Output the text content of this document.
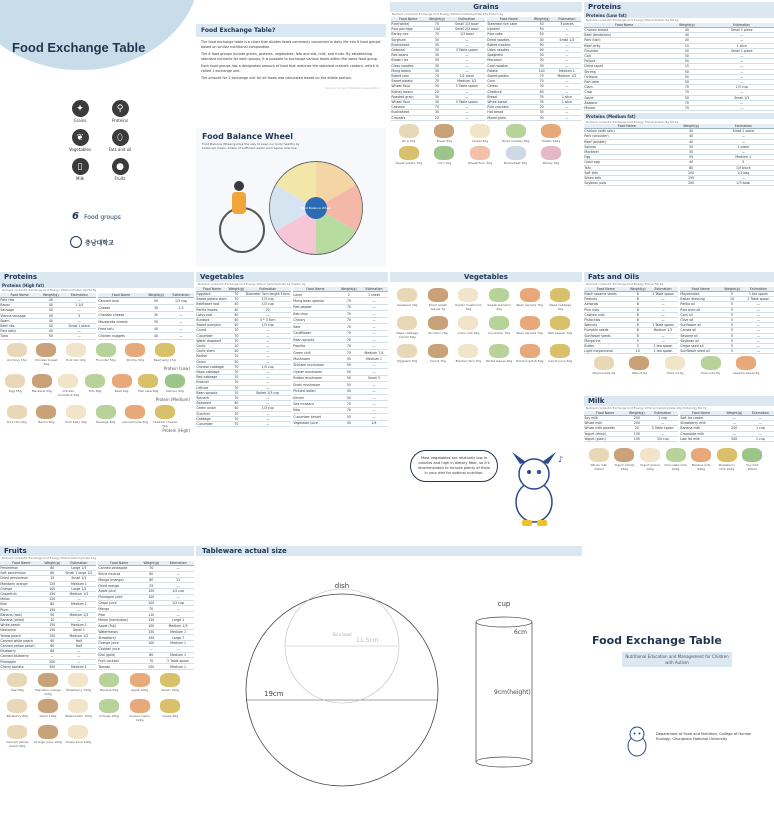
Food Exchange Table
✦
Grains
⚲
Proteins
❦
Vegetables
⬯
Fats and oil
▯
Milk
●
Fruits
6 Food groups
충남대학교
Food Exchange Table?
The food exchange table is a chart that divides foods commonly consumed in daily life into 6 food groups based on similar nutritional composition.
The 6 food groups include grains, proteins, vegetables, fats and oils, milk, and fruits. By establishing standard nutrients for each groups, it is possible to exchange various foods within the same food group.
Each food groups has a designated amount of food that matches the standard nutrient content, which is called 1 exchange unit.
The amount for 1 exchange unit for all foods was calculated based on the edible portion.
Source: Korean Diabetes Association
Food Balance Wheel
Food Balance Wheel guides the way to keep our body healthy by balanced meals, intake of sufficient water and regular exercise.
Food Balance Wheel
Grains
Nutrient content/1 Exchange Unit Energy 100kcal Carbohydrate 23g Protein 2g
Food Name	Weight(g)	Estimation
Rice(white)	70	Small 1/3 bowl
Rice porridge	140	Small 2/3 bowl
Barley rice	70	1/3 bowl
Sorghum	30	—
Buckwheat	30	—
Oatmeal	30	3 Table spoon
Red beans	30	—
Brown rice	30	—
Glass noodles	30	—
Mung beans	30	—
Boiled corn	70	1/2 piece
Sweet potato	70	Medium 1/2
Wheat flour	30	5 Table spoon
Kidney beans	20	—
Roasted grain	30	—
Wheat flour	30	5 Table spoon
Cassava	70	—
Buckwheat	30	—
Crackers	20	—
Food Name	Weight(g)	Estimation
Steamed rice cake	50	3 pieces
Injeolmi	50	—
Rice cake	50	—
Dried noodles	30	Small 1/2
Boiled noodles	90	—
Udon noodles	90	—
Spaghetti	30	—
Macaroni	30	—
Cold noodles	30	—
Potato	140	Medium 1
Sweet potato	70	Medium 1/2
Corn	70	—
Cereal	30	—
Chestnut	60	—
Bread	35	1 slice
White bread	35	1 slice
Rice crackers	20	—
Hot bread	35	—
Mixed grain	30	—
Rice 70g	Bread 35g	Cereal 30g	Dried noodles 30g	Potato 140g
Sweet potato 70g	Corn 70g	Wheat flour 30g	Buckwheat 30g	Barley 30g
Proteins
Proteins (Low fat)
Nutrient content/1 Exchange Unit Energy 50kcal Protein 8g Fat 2g
Food Name	Weight(g)	Estimation
Chicken breast	40	Small 1 piece
Beef (tenderloin)	40	—
Pork (loin)	40	—
Beef jerky	15	1 slice
Flounder	50	Small 1 piece
Cod	50	—
Pollock	50	—
Dried squid	15	—
Shrimp	50	—
Octopus	50	—
Fish cake	50	—
Clam	70	1/3 cup
Crab	70	—
Squid	50	Small 1/3
Abalone	70	—
Mussel	70	—
Proteins (Medium fat)
Nutrient content/1 Exchange Unit Energy 75kcal Protein 8g Fat 5g
Food Name	Weight(g)	Estimation
Chicken (with skin)	40	Small 1 piece
Pork (shoulder)	40	—
Beef (brisket)	40	—
Salmon	50	1 piece
Mackerel	50	—
Egg	55	Medium 1
Quail egg	40	5
Tofu	80	1/5 block
Soft tofu	200	1/2 bag
Silken tofu	150	—
Soybean pulp	200	2/3 bowl
Proteins
Proteins (High fat)
Nutrient content/1 Exchange Unit Energy 100kcal Protein 8g Fat 8g
Food Name	Weight(g)	Estimation
Pork ribs	40	—
Bacon	40	1 1/4
Sausage	40	—
Vienna sausage	40	5
Spam	40	—
Beef ribs	40	Small 1 piece
Pork belly	40	—
Tuna	50	—
Food Name	Weight(g)	Estimation
Canned tuna	50	1/3 cup
Cheese	30	1.5
Cheddar cheese	30	—
Mozzarella cheese	30	—
Fried tofu	40	—
Chicken nuggets	40	—
Anchovy 15g	Chicken breast 40g
Pork loin 40g	Flounder 50g	Shrimp 50g	Beef jerky 15g
Protein (Low)
Egg 55g	Mackerel 50g	Chicken drumstick 40g
Tofu 80g	Beef 40g	Fish cake 50g Salmon 50g
Protein (Medium)
Pork ribs 40g	Bacon 40g	Pork belly 40g	Sausage 40g Canned tuna 50g	Cheddar cheese 30g
Protein (High)
Vegetables
Nutrient content/1 Exchange Unit Energy 20kcal Carbohydrate 3g Protein 2g
Food Name	Weight(g)	Estimation
Eggplant	70	Diameter 3cm length 10cm
Sweet potato stem	70	1/3 cup
Bellflower root	40	1/3 cup
Perilla leaves	40	20
Lotus root	40	—
Burdock	40	5 * 3.5cm
Sweet pumpkin	40	1/3 cup
Carrot	70	—
Cucumber	70	—
Water dropwort	70	—
Garlic	10	—
Garlic stem	40	—
Radish	70	—
Onion	50	—
Chinese cabbage	70	1/3 cup
Napa cabbage	70	—
Red cabbage	70	—
Broccoli	70	—
Lettuce	70	—
Bean sprouts	70	Boiled 1/3 cup
Spinach	70	—
Seaweed	40	—
Green onion	40	1/3 cup
Zucchini	70	—
Cabbage	70	—
Cucumber	70	—
Food Name	Weight(g)	Estimation
Laver	2	1 sheet
Mung bean sprouts	70	—
Red pepper	70	—
Bok choy	70	—
Chicory	70	—
Kale	70	—
Cauliflower	70	—
Bean sprouts	70	—
Paprika	70	—
Green chili	70	Medium 7-8
Mushroom	50	Medium 1
Shiitake mushroom	50	—
Oyster mushroom	50	—
Button mushroom	50	Small 3
Enoki mushroom	50	—
Pickled radish	50	—
Kimchi	50	—
Sea mustard	70	—
Kelp	70	—
Cucumber kimchi	50	—
Vegetable juice	50	1/4
Vegetables
Seaweed 70g	Dried radish leaves 7g
Oyster mushroom 50g
Sweet pumpkin 40g
Bean sprouts 70g	Napa cabbage 70g
Napa cabbage kimchi 50g
Zucchini 70g	Lotus root 40g	Cucumber 70g Bean sprouts 70g Bell pepper 70g
Eggplant 70g	Carrot 70g	Bracken fern 70g Perilla leaves 40g Pickled radish 50g Carrot juice 50g
Most vegetables are relatively low in calories and high in dietary fiber, so it's recommended to include plenty of them in your diet for optimal nutrition.
♪
Fats and Oils
Nutrient content/1 Exchange Unit Energy 45kcal Fat 5g
Food Name	Weight(g)	Estimation
Black sesame seeds	8	1 Table spoon
Peanuts	8	—
Almonds	8	—
Pine nuts	8	—
Cashew nuts	8	—
Pistachios	8	—
Walnuts	8	1 Table spoon
Pumpkin seeds	8	Medium 1.5
Sunflower seeds	8	—
Margarine	5	—
Butter	5	1 tea spoon
Light mayonnaise	10	1 tea spoon
Food Name	Weight(g)	Estimation
Mayonnaise	5	1 tea spoon
Italian dressing	10	2 Table spoon
Perilla oil	5	—
Rice bran oil	5	—
Corn oil	5	—
Olive oil	5	—
Sunflower oil	5	—
Canola oil	5	—
Sesame oil	5	—
Soybean oil	5	—
Grape seed oil	5	—
Sunflower seed oil	5	—
Mayonnaise 5g	Walnut 8g	Olive oil 5g	Pine nuts 8g	Sesame seeds 8g
Milk
Nutrient content/1 Exchange Unit Energy 125kcal Carbohydrate 10g Protein 6g Fat 7g
Food Name	Weight(g)	Estimation
Soy milk	200	1 cup
Whole milk	200	—
Whole milk powder	25	5 Table spoon
Yogurt (drink)	150	—
Yogurt (plain)	100	3/4 cup
Food Name	Weight(g)	Estimation
Soft ice cream	—	—
Strawberry milk	—	—
Banana milk	200	1 cup
Chocolate milk	—	—
Low fat milk	200	1 cup
Whole milk 200ml
Yogurt (drink) 150g
Yogurt (plain) 100g
Chocolate milk 200g
Banana milk 200g
Strawberry milk 200g
Soy milk 200ml
Fruits
Nutrient content/1 Exchange Unit Energy 50kcal Carbohydrate 12g
Food Name	Weight(g)	Estimation
Persimmon	80	Large 1/3
Soft persimmon	80	Small 1 large 1/2
Dried persimmon	15	Small 1/2
Mandarin orange	120	Medium 1
Orange	100	Large 1/2
Grapefruit	150	Medium 1/2
Melon	120	—
Kiwi	80	Medium 1
Plum	150	—
Banana (raw)	50	Medium 1/2
Banana (dried)	10	—
White peach	150	Medium 1
Nectarine	150	Small 1
Yellow peach	150	Medium 1/2
Canned white peach	60	Half
Canned yellow peach	60	Half
Blueberry	80	—
Canned blueberry	—	—
Pineapple	200	—
Cherry tomato	300	Medium 1
Food Name	Weight(g)	Estimation
Canned pineapple	70	—
Shine muscat	80	—
Mango (mango)	80	11
Dried mango	25	—
Apple juice	100	1/2 cup
Pineapple juice	100	—
Grape juice	100	1/2 cup
Mango	70	—
Pear	110	—
Melon (honeydew)	120	Large 1
Apple (Fuji)	100	Medium 1/3
Watermelon	150	Medium 1
Strawberry	150	Large 7
Orange juice	100	Medium 1
Cocktail juice	—	—
Kiwi (gold)	80	Medium 1
Fruit cocktail	70	2 Table spoon
Tomato	250	Medium 1
Kiwi 80g	Mandarin orange 120g
Strawberry 150g	Banana 50g	Apple 100g	Peach 150g
Blueberry 80g	Apple 100g	Watermelon 150g Orange 100g	Korean melon 120g
Grape 80g
Canned yellow peach 60g
Orange juice 100g Grape juice 100g
Tableware actual size
dish
19cm
Rice bowl
11.5cm
cup
6cm
9cm(height)
Food Exchange Table
Nutritional Education and Management for Children with Autism
Department of Food and Nutrition, College of Human Ecology, Chungnam National University
